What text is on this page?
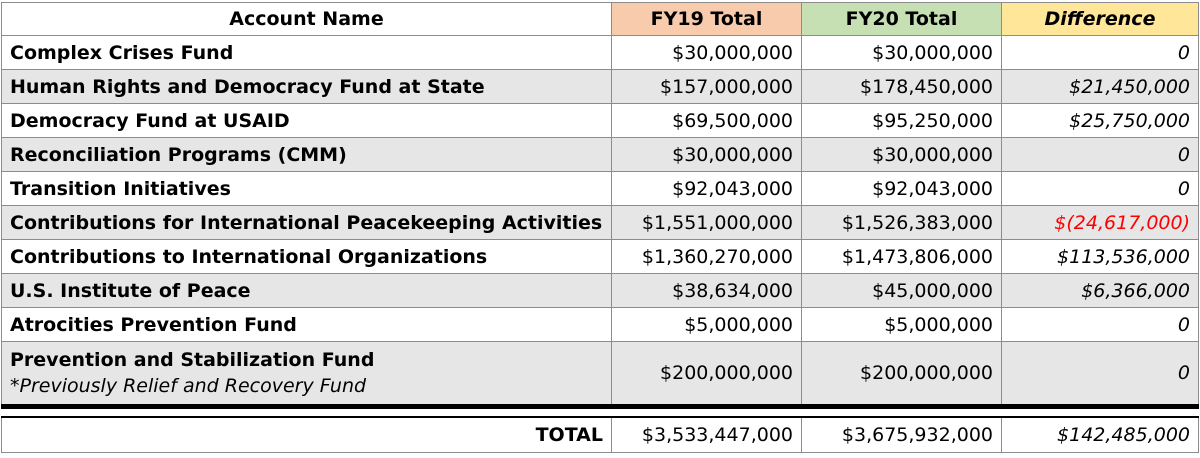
Account Name	FY19 Total	FY20 Total	Difference
Complex Crises Fund	$30,000,000	$30,000,000	0
Human Rights and Democracy Fund at State	$157,000,000	$178,450,000	$21,450,000
Democracy Fund at USAID	$69,500,000	$95,250,000	$25,750,000
Reconciliation Programs (CMM)	$30,000,000	$30,000,000	0
Transition Initiatives	$92,043,000	$92,043,000	0
Contributions for International Peacekeeping Activities	$1,551,000,000	$1,526,383,000	$(24,617,000)
Contributions to International Organizations	$1,360,270,000	$1,473,806,000	$113,536,000
U.S. Institute of Peace	$38,634,000	$45,000,000	$6,366,000
Atrocities Prevention Fund	$5,000,000	$5,000,000	0
Prevention and Stabilization Fund
*Previously Relief and Recovery Fund	$200,000,000	$200,000,000	0

TOTAL	$3,533,447,000	$3,675,932,000	$142,485,000
